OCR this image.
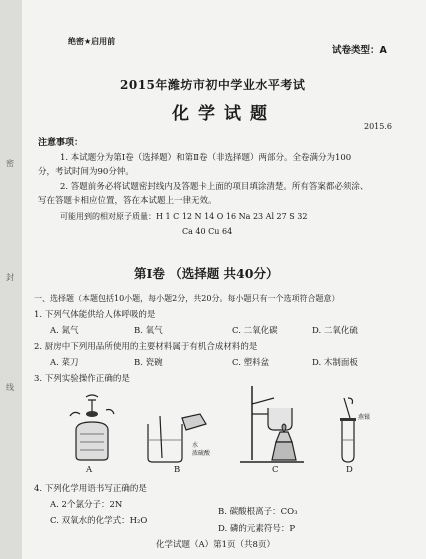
密
封
线
绝密★启用前
试卷类型：A
2015年潍坊市初中学业水平考试
化学试题
2015.6
注意事项：
1. 本试题分为第Ⅰ卷（选择题）和第Ⅱ卷（非选择题）两部分。全卷满分为100
分，考试时间为90分钟。
2. 答题前务必将试题密封线内及答题卡上面的项目填涂清楚。所有答案都必须涂、
写在答题卡相应位置，答在本试题上一律无效。
可能用到的相对原子质量：H 1 C 12 N 14 O 16 Na 23 Al 27 S 32
Ca 40 Cu 64
第Ⅰ卷 （选择题 共40分）
一、选择题（本题包括10小题，每小题2分，共20分。每小题只有一个选项符合题意）
1. 下列气体能供给人体呼吸的是
A. 氮气	B. 氧气	C. 二氧化碳	D. 二氧化硫
2. 厨房中下列用品所使用的主要材料属于有机合成材料的是
A. 菜刀	B. 瓷碗	C. 塑料盆	D. 木制面板
3. 下列实验操作正确的是
水
浓硫酸
燕镊
A	B	C	D
4. 下列化学用语书写正确的是
A. 2个氯分子：2N
B. 碳酸根离子：CO₃
C. 双氧水的化学式：H₂O
D. 磷的元素符号：P
化学试题（A）第1页（共8页）
